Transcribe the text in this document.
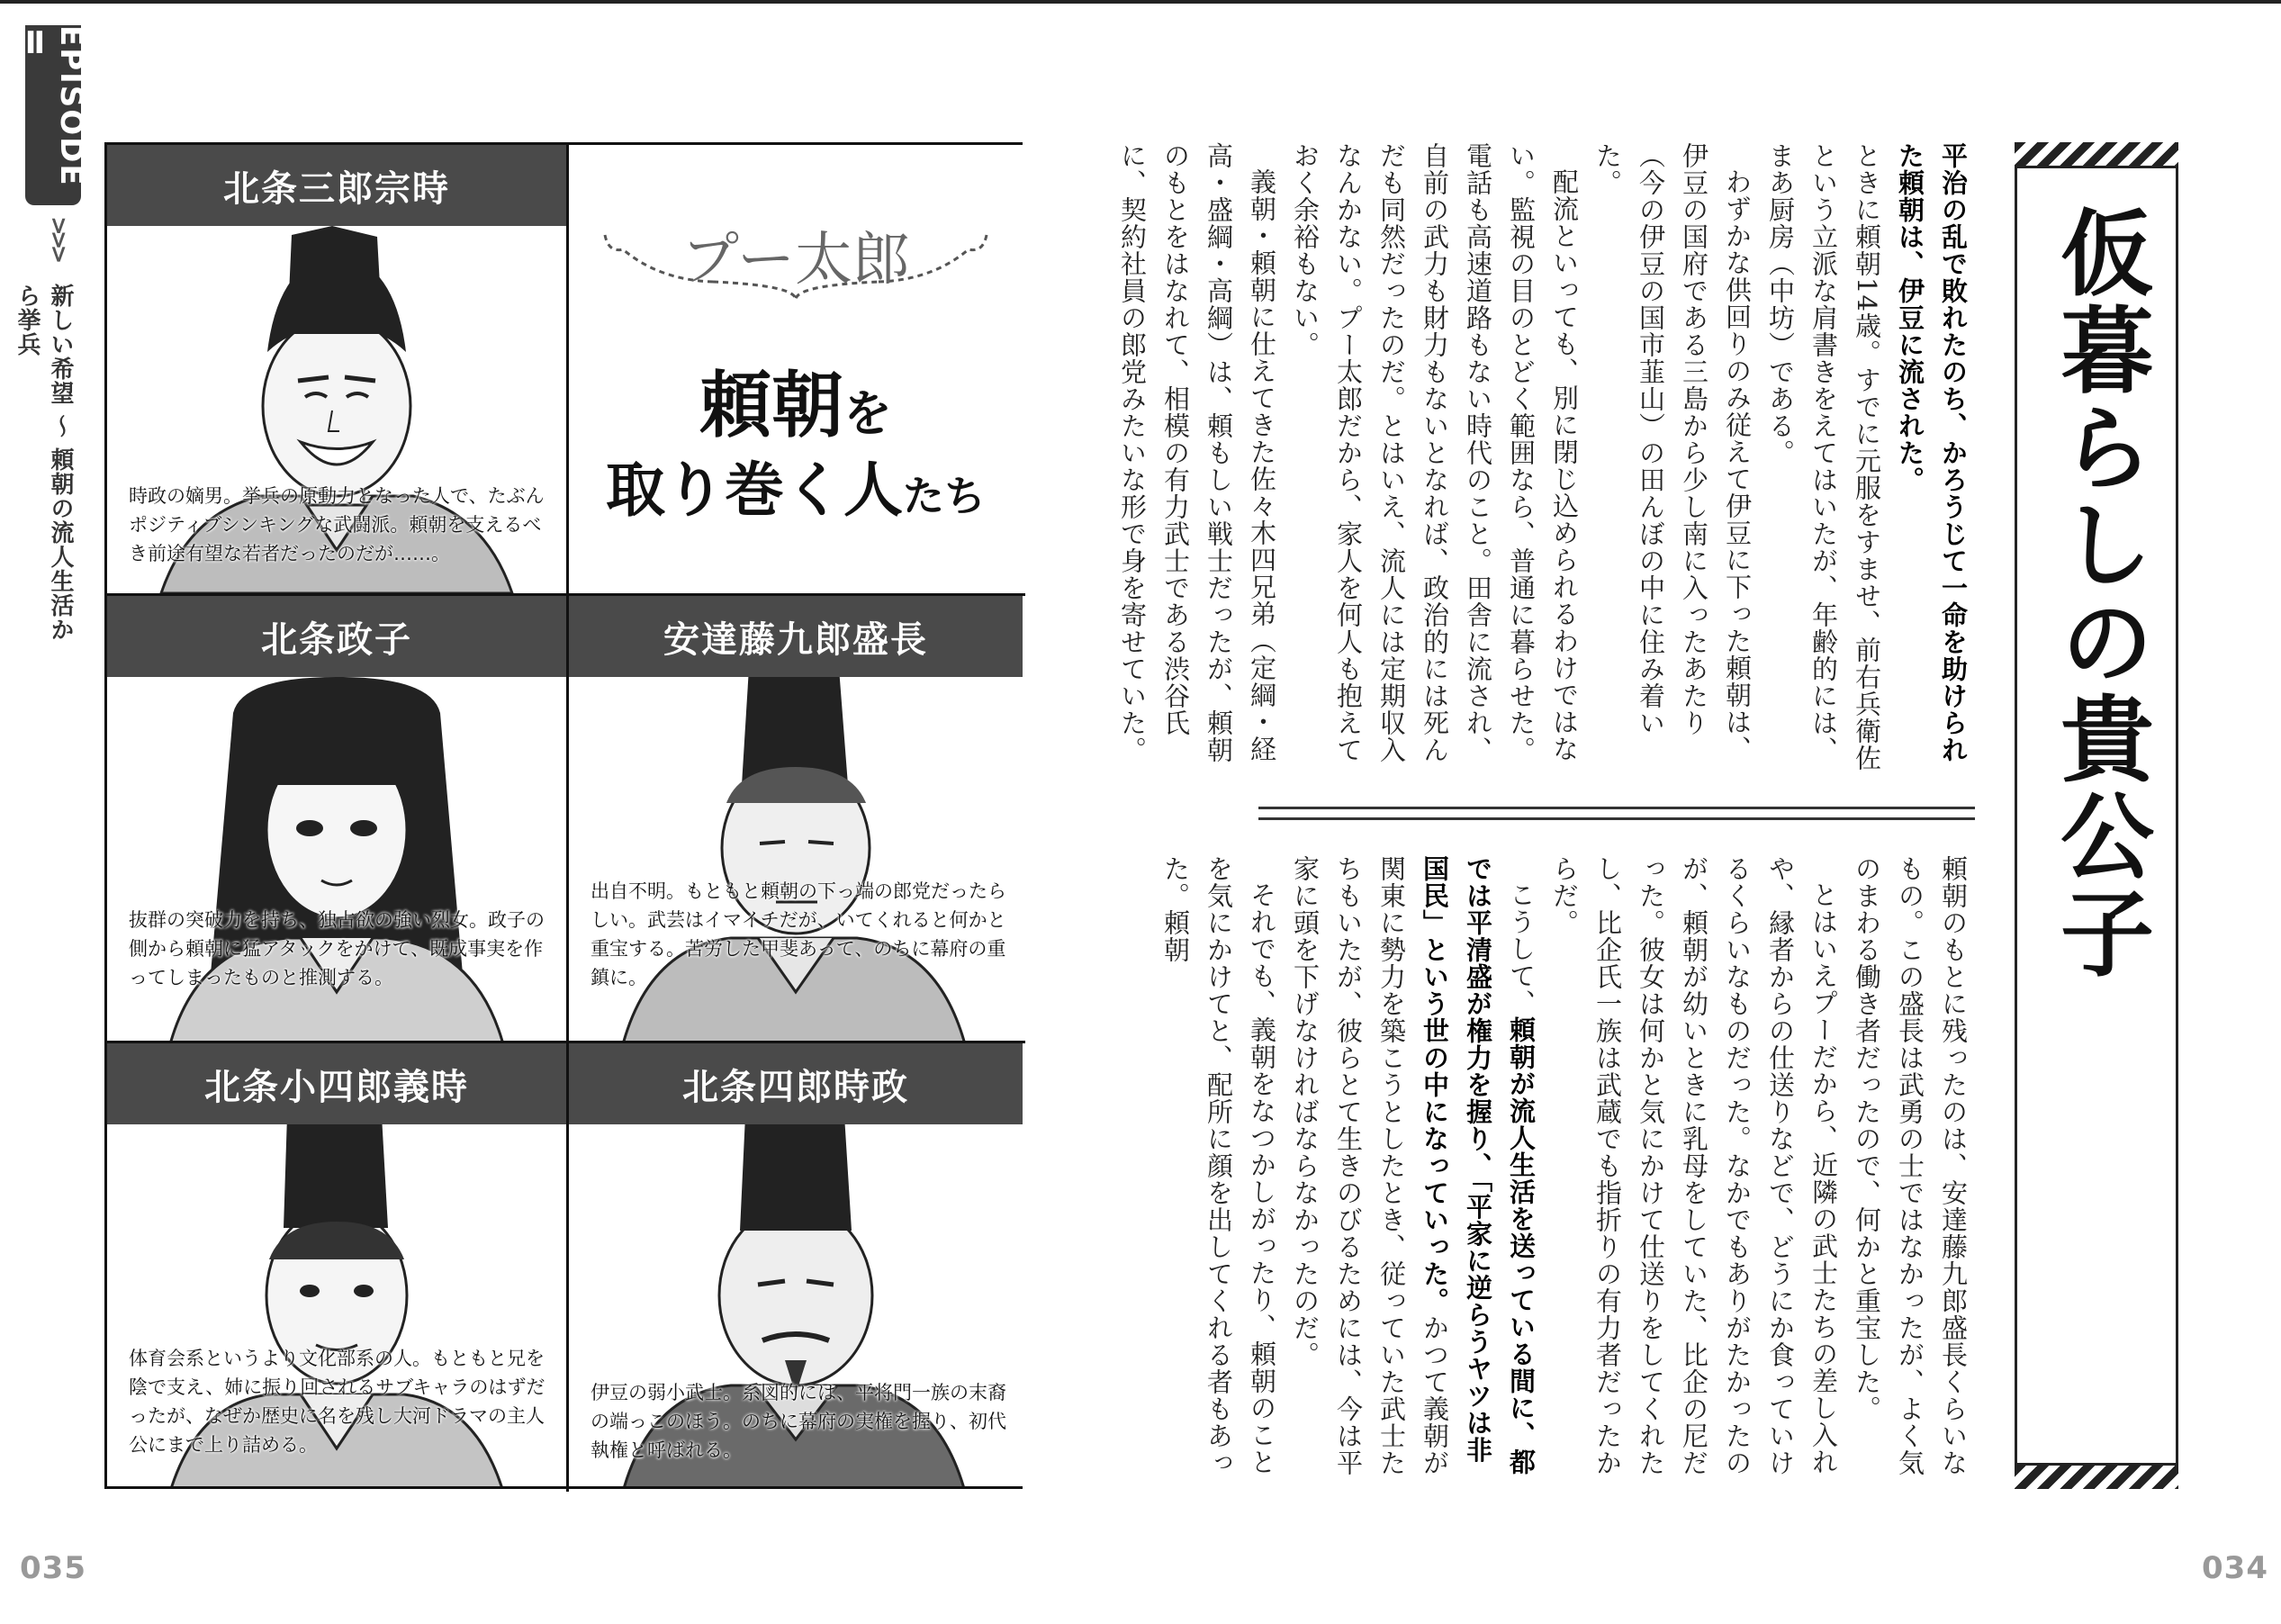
EPISODE Ⅱ
>>>
新しい希望 ～ 頼朝の流人生活から挙兵
北条三郎宗時
時政の嫡男。挙兵の原動力となった人で、たぶんポジティブシンキングな武闘派。頼朝を支えるべき前途有望な若者だったのだが……。
プー太郎
頼朝を
取り巻く人たち
北条政子
抜群の突破力を持ち、独占欲の強い烈女。政子の側から頼朝に猛アタックをかけて、既成事実を作ってしまったものと推測する。
安達藤九郎盛長
出自不明。もともと頼朝の下っ端の郎党だったらしい。武芸はイマイチだが、いてくれると何かと重宝する。苦労した甲斐あって、のちに幕府の重鎮に。
北条小四郎義時
体育会系というより文化部系の人。もともと兄を陰で支え、姉に振り回されるサブキャラのはずだったが、なぜか歴史に名を残し大河ドラマの主人公にまで上り詰める。
北条四郎時政
伊豆の弱小武士。系図的には、平将門一族の末裔の端っこのほう。のちに幕府の実権を握り、初代執権と呼ばれる。
035	034
仮暮らしの貴公子

平治の乱で敗れたのち、かろうじて一命を助けられた頼朝は、伊豆に流された。

ときに頼朝14歳。すでに元服をすませ、前右兵衛佐という立派な肩書きをえてはいたが、年齢的には、まあ厨房（中坊）である。

わずかな供回りのみ従えて伊豆に下った頼朝は、伊豆の国府である三島から少し南に入ったあたり（今の伊豆の国市韮山）の田んぼの中に住み着いた。

配流といっても、別に閉じ込められるわけではない。監視の目のとどく範囲なら、普通に暮らせた。電話も高速道路もない時代のこと。田舎に流され、自前の武力も財力もないとなれば、政治的には死んだも同然だったのだ。とはいえ、流人には定期収入なんかない。プー太郎だから、家人を何人も抱えておく余裕もない。

義朝・頼朝に仕えてきた佐々木四兄弟（定綱・経高・盛綱・高綱）は、頼もしい戦士だったが、頼朝のもとをはなれて、相模の有力武士である渋谷氏に、契約社員の郎党みたいな形で身を寄せていた。

頼朝のもとに残ったのは、安達藤九郎盛長くらいなもの。この盛長は武勇の士ではなかったが、よく気のまわる働き者だったので、何かと重宝した。

とはいえプーだから、近隣の武士たちの差し入れや、縁者からの仕送りなどで、どうにか食っていけるくらいなものだった。なかでもありがたかったのが、頼朝が幼いときに乳母をしていた、比企の尼だった。彼女は何かと気にかけて仕送りをしてくれたし、比企氏一族は武蔵でも指折りの有力者だったからだ。

こうして、頼朝が流人生活を送っている間に、都では平清盛が権力を握り、「平家に逆らうヤツは非国民」という世の中になっていった。かつて義朝が関東に勢力を築こうとしたとき、従っていた武士たちもいたが、彼らとて生きのびるためには、今は平家に頭を下げなければならなかったのだ。

それでも、義朝をなつかしがったり、頼朝のことを気にかけてと、配所に顔を出してくれる者もあった。頼朝
